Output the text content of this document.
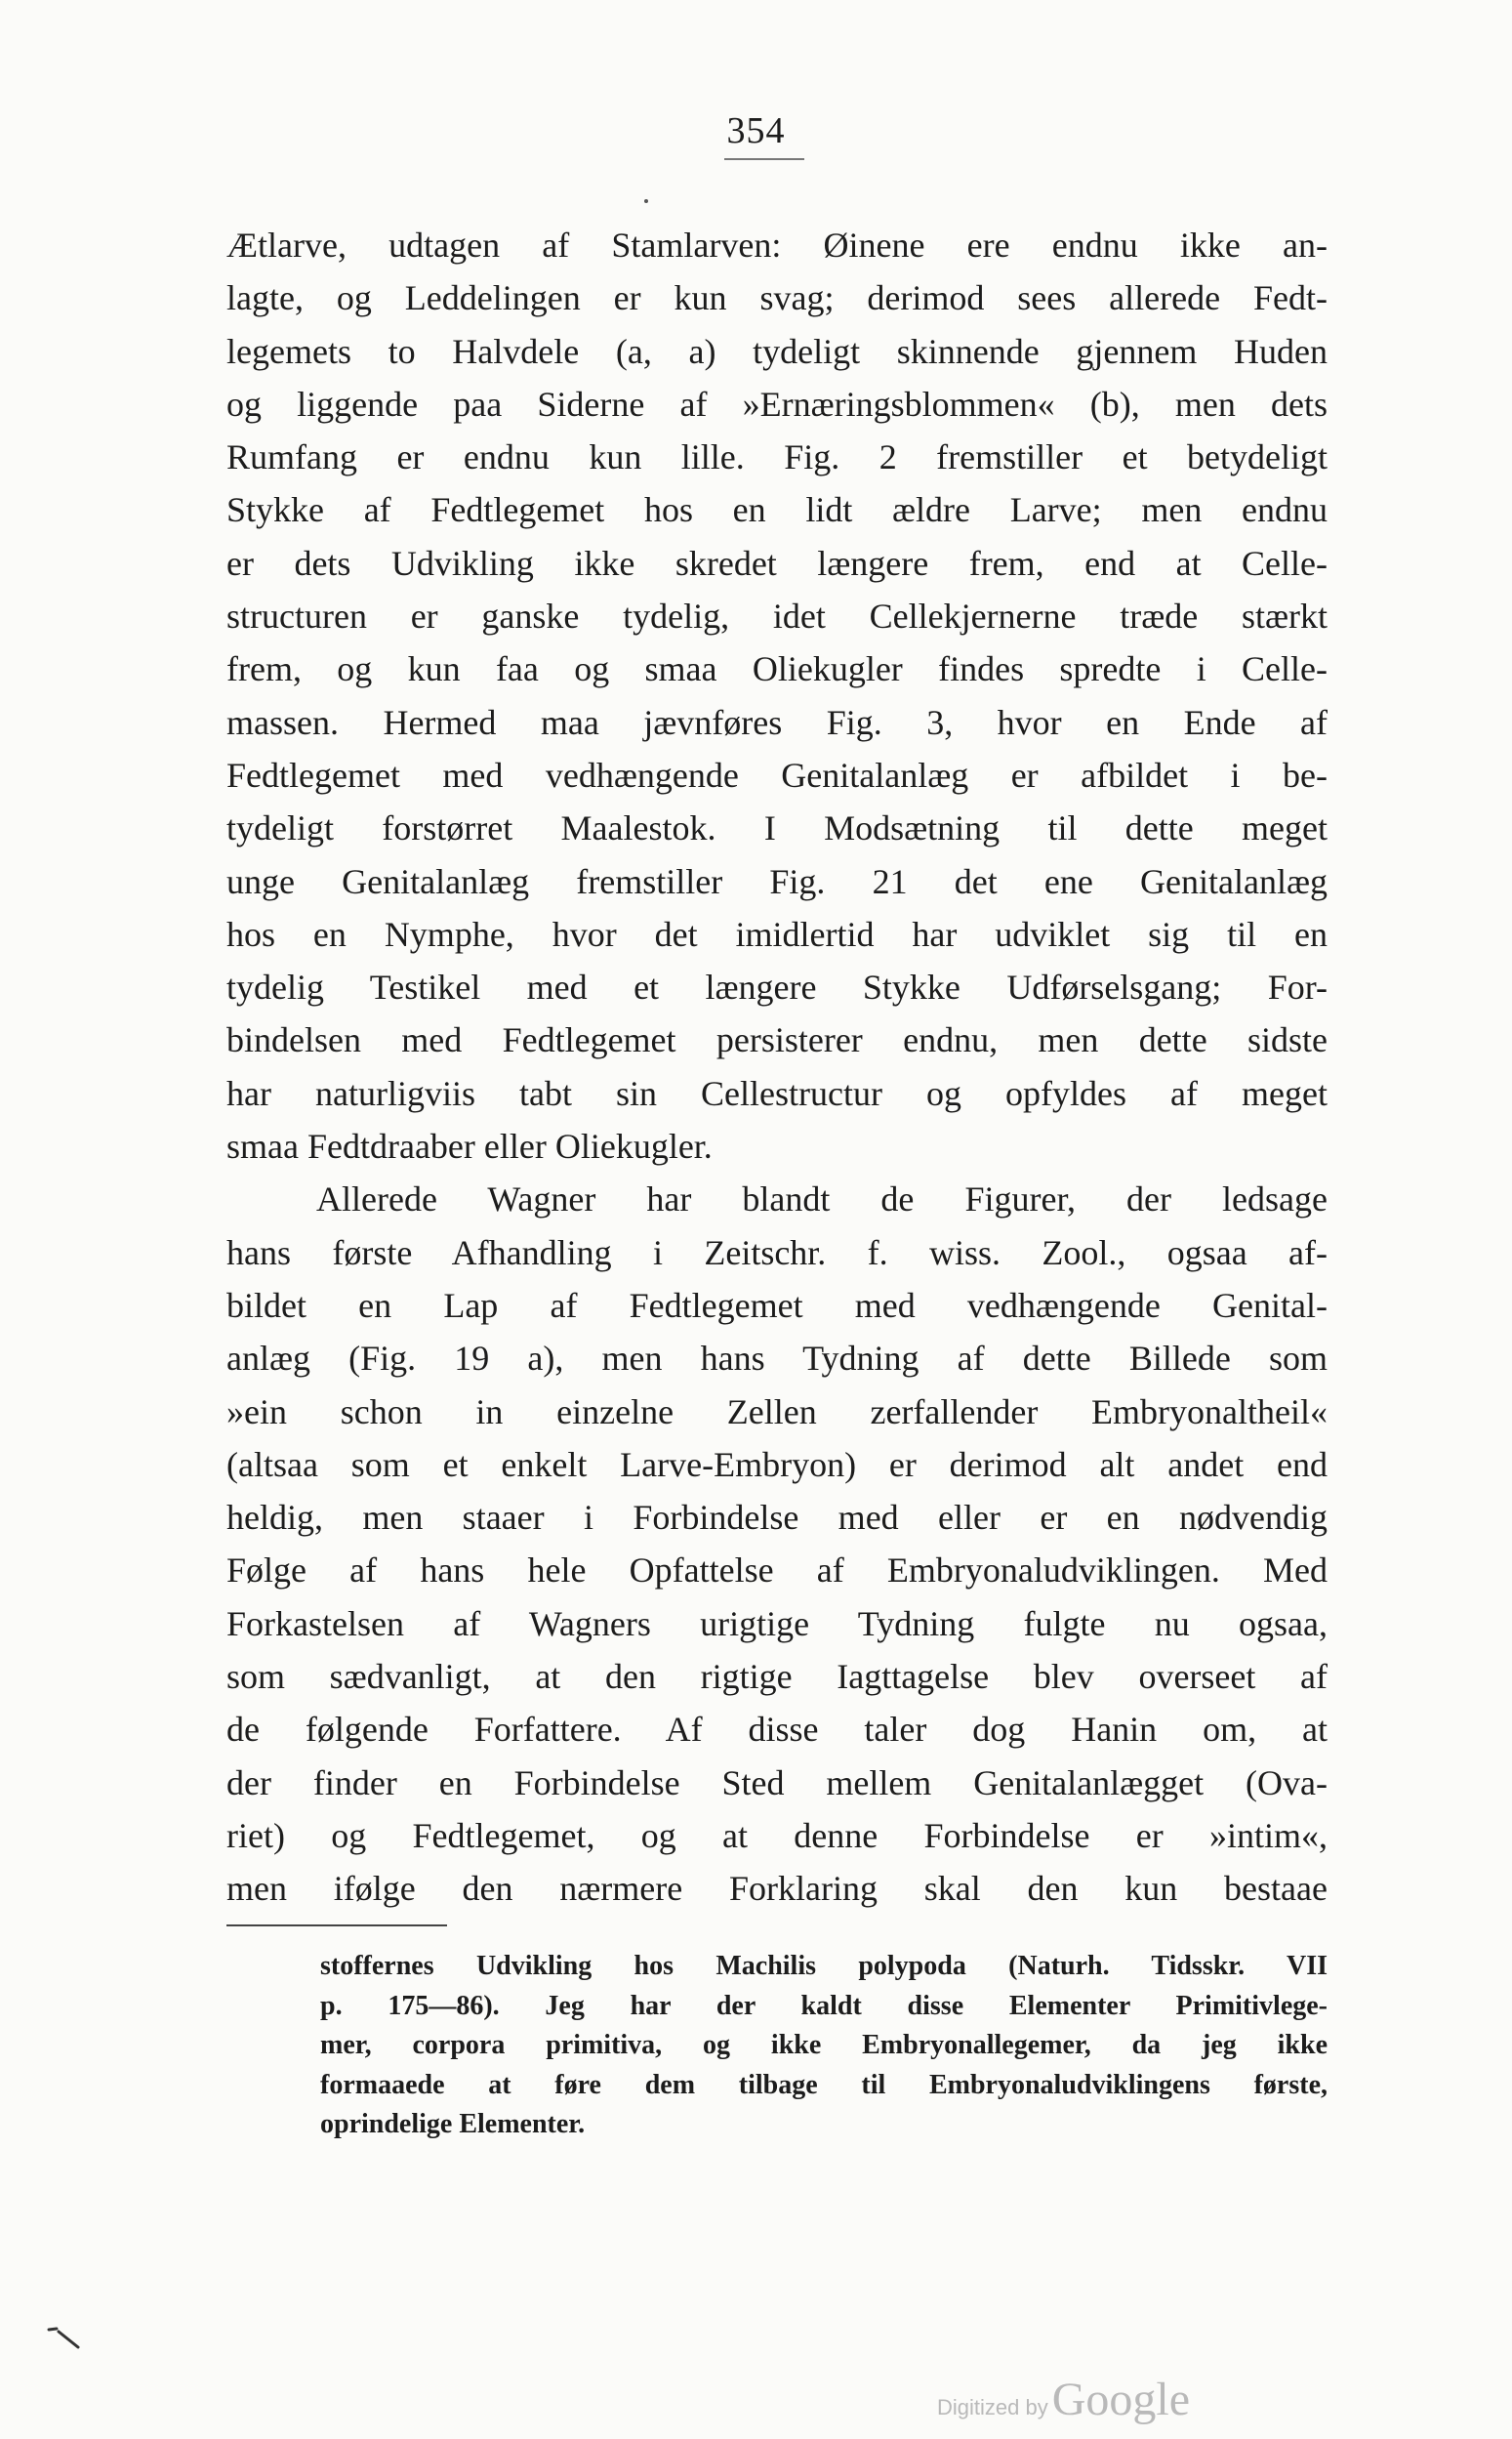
354
Ætlarve, udtagen af Stamlarven: Øinene ere endnu ikke an-
lagte, og Leddelingen er kun svag; derimod sees allerede Fedt-
legemets to Halvdele (a, a) tydeligt skinnende gjennem Huden
og liggende paa Siderne af »Ernæringsblommen« (b), men dets
Rumfang er endnu kun lille. Fig. 2 fremstiller et betydeligt
Stykke af Fedtlegemet hos en lidt ældre Larve; men endnu
er dets Udvikling ikke skredet længere frem, end at Celle-
structuren er ganske tydelig, idet Cellekjernerne træde stærkt
frem, og kun faa og smaa Oliekugler findes spredte i Celle-
massen. Hermed maa jævnføres Fig. 3, hvor en Ende af
Fedtlegemet med vedhængende Genitalanlæg er afbildet i be-
tydeligt forstørret Maalestok. I Modsætning til dette meget
unge Genitalanlæg fremstiller Fig. 21 det ene Genitalanlæg
hos en Nymphe, hvor det imidlertid har udviklet sig til en
tydelig Testikel med et længere Stykke Udførselsgang; For-
bindelsen med Fedtlegemet persisterer endnu, men dette sidste
har naturligviis tabt sin Cellestructur og opfyldes af meget
smaa Fedtdraaber eller Oliekugler.
Allerede Wagner har blandt de Figurer, der ledsage
hans første Afhandling i Zeitschr. f. wiss. Zool., ogsaa af-
bildet en Lap af Fedtlegemet med vedhængende Genital-
anlæg (Fig. 19 a), men hans Tydning af dette Billede som
»ein schon in einzelne Zellen zerfallender Embryonaltheil«
(altsaa som et enkelt Larve-Embryon) er derimod alt andet end
heldig, men staaer i Forbindelse med eller er en nødvendig
Følge af hans hele Opfattelse af Embryonaludviklingen. Med
Forkastelsen af Wagners urigtige Tydning fulgte nu ogsaa,
som sædvanligt, at den rigtige Iagttagelse blev overseet af
de følgende Forfattere. Af disse taler dog Hanin om, at
der finder en Forbindelse Sted mellem Genitalanlægget (Ova-
riet) og Fedtlegemet, og at denne Forbindelse er »intim«,
men ifølge den nærmere Forklaring skal den kun bestaae
stoffernes Udvikling hos Machilis polypoda (Naturh. Tidsskr. VII
p. 175—86). Jeg har der kaldt disse Elementer Primitivlege-
mer, corpora primitiva, og ikke Embryonallegemer, da jeg ikke
formaaede at føre dem tilbage til Embryonaludviklingens første,
oprindelige Elementer.
Digitized by Google
